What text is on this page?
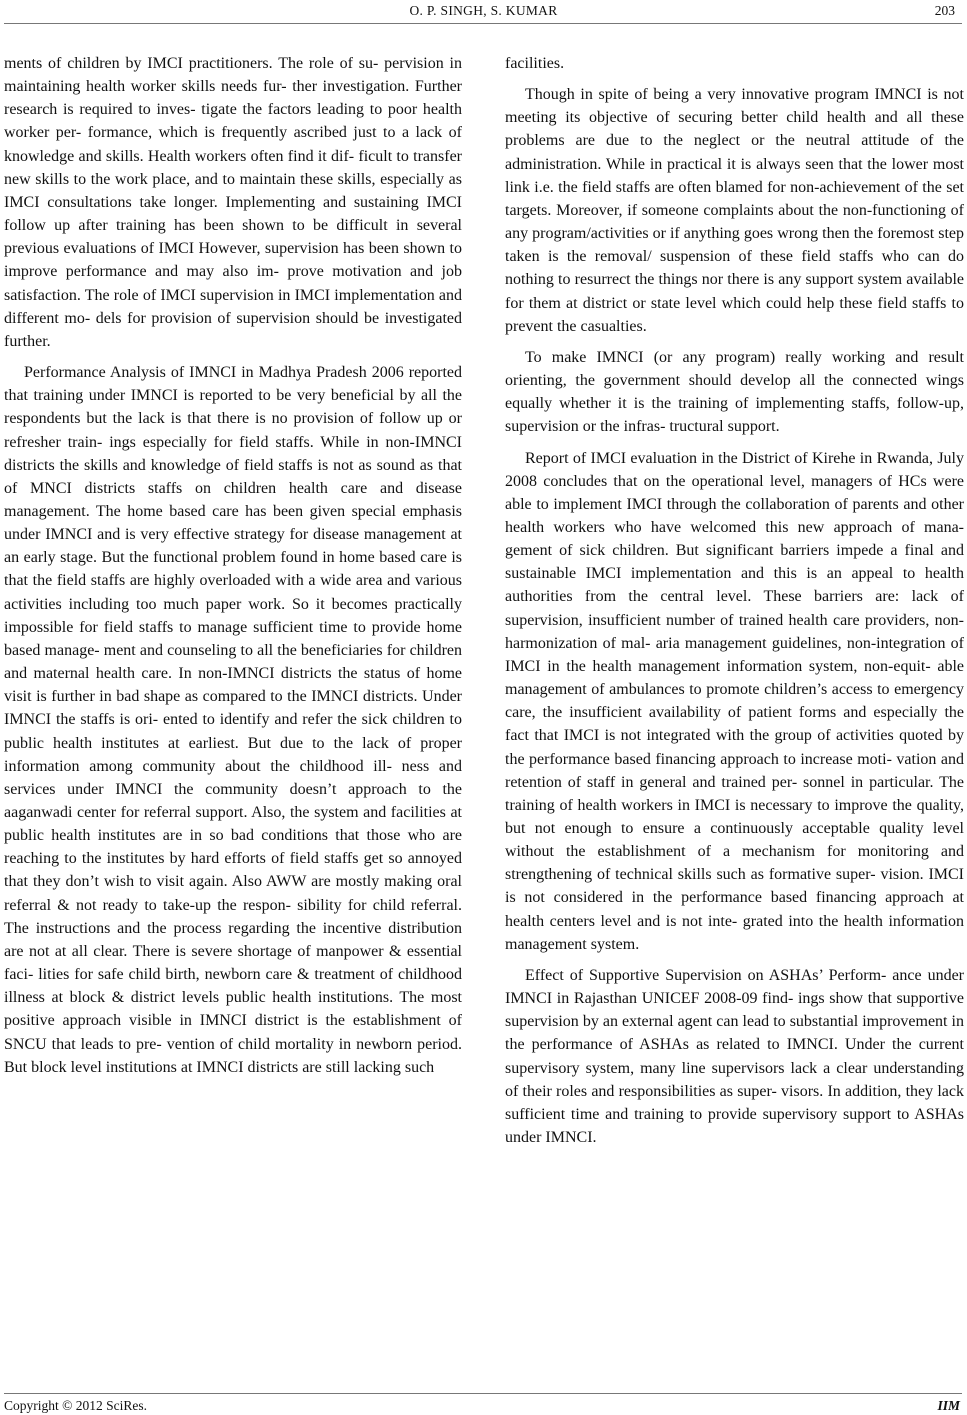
O. P. SINGH, S. KUMAR	203

ments of children by IMCI practitioners. The role of su- pervision in maintaining health worker skills needs fur- ther investigation. Further research is required to inves- tigate the factors leading to poor health worker per- formance, which is frequently ascribed just to a lack of knowledge and skills. Health workers often find it dif- ficult to transfer new skills to the work place, and to maintain these skills, especially as IMCI consultations take longer. Implementing and sustaining IMCI follow up after training has been shown to be difficult in several previous evaluations of IMCI However, supervision has been shown to improve performance and may also im- prove motivation and job satisfaction. The role of IMCI supervision in IMCI implementation and different mo- dels for provision of supervision should be investigated further.

Performance Analysis of IMNCI in Madhya Pradesh 2006 reported that training under IMNCI is reported to be very beneficial by all the respondents but the lack is that there is no provision of follow up or refresher train- ings especially for field staffs. While in non-IMNCI districts the skills and knowledge of field staffs is not as sound as that of MNCI districts staffs on children health care and disease management. The home based care has been given special emphasis under IMNCI and is very effective strategy for disease management at an early stage. But the functional problem found in home based care is that the field staffs are highly overloaded with a wide area and various activities including too much paper work. So it becomes practically impossible for field staffs to manage sufficient time to provide home based manage- ment and counseling to all the beneficiaries for children and maternal health care. In non-IMNCI districts the status of home visit is further in bad shape as compared to the IMNCI districts. Under IMNCI the staffs is ori- ented to identify and refer the sick children to public health institutes at earliest. But due to the lack of proper information among community about the childhood ill- ness and services under IMNCI the community doesn’t approach to the aaganwadi center for referral support. Also, the system and facilities at public health institutes are in so bad conditions that those who are reaching to the institutes by hard efforts of field staffs get so annoyed that they don’t wish to visit again. Also AWW are mostly making oral referral & not ready to take-up the respon- sibility for child referral. The instructions and the process regarding the incentive distribution are not at all clear. There is severe shortage of manpower & essential faci- lities for safe child birth, newborn care & treatment of childhood illness at block & district levels public health institutions. The most positive approach visible in IMNCI district is the establishment of SNCU that leads to pre- vention of child mortality in newborn period. But block level institutions at IMNCI districts are still lacking such

facilities.

Though in spite of being a very innovative program IMNCI is not meeting its objective of securing better child health and all these problems are due to the neglect or the neutral attitude of the administration. While in practical it is always seen that the lower most link i.e. the field staffs are often blamed for non-achievement of the set targets. Moreover, if someone complaints about the non-functioning of any program/activities or if anything goes wrong then the foremost step taken is the removal/ suspension of these field staffs who can do nothing to resurrect the things nor there is any support system available for them at district or state level which could help these field staffs to prevent the casualties.

To make IMNCI (or any program) really working and result orienting, the government should develop all the connected wings equally whether it is the training of implementing staffs, follow-up, supervision or the infras- tructural support.

Report of IMCI evaluation in the District of Kirehe in Rwanda, July 2008 concludes that on the operational level, managers of HCs were able to implement IMCI through the collaboration of parents and other health workers who have welcomed this new approach of mana- gement of sick children. But significant barriers impede a final and sustainable IMCI implementation and this is an appeal to health authorities from the central level. These barriers are: lack of supervision, insufficient number of trained health care providers, non-harmonization of mal- aria management guidelines, non-integration of IMCI in the health management information system, non-equit- able management of ambulances to promote children’s access to emergency care, the insufficient availability of patient forms and especially the fact that IMCI is not integrated with the group of activities quoted by the performance based financing approach to increase moti- vation and retention of staff in general and trained per- sonnel in particular. The training of health workers in IMCI is necessary to improve the quality, but not enough to ensure a continuously acceptable quality level without the establishment of a mechanism for monitoring and strengthening of technical skills such as formative super- vision. IMCI is not considered in the performance based financing approach at health centers level and is not inte- grated into the health information management system.

Effect of Supportive Supervision on ASHAs’ Perform- ance under IMNCI in Rajasthan UNICEF 2008-09 find- ings show that supportive supervision by an external agent can lead to substantial improvement in the performance of ASHAs as related to IMNCI. Under the current supervisory system, many line supervisors lack a clear understanding of their roles and responsibilities as super- visors. In addition, they lack sufficient time and training to provide supervisory support to ASHAs under IMNCI.

Copyright © 2012 SciRes.	IIM
